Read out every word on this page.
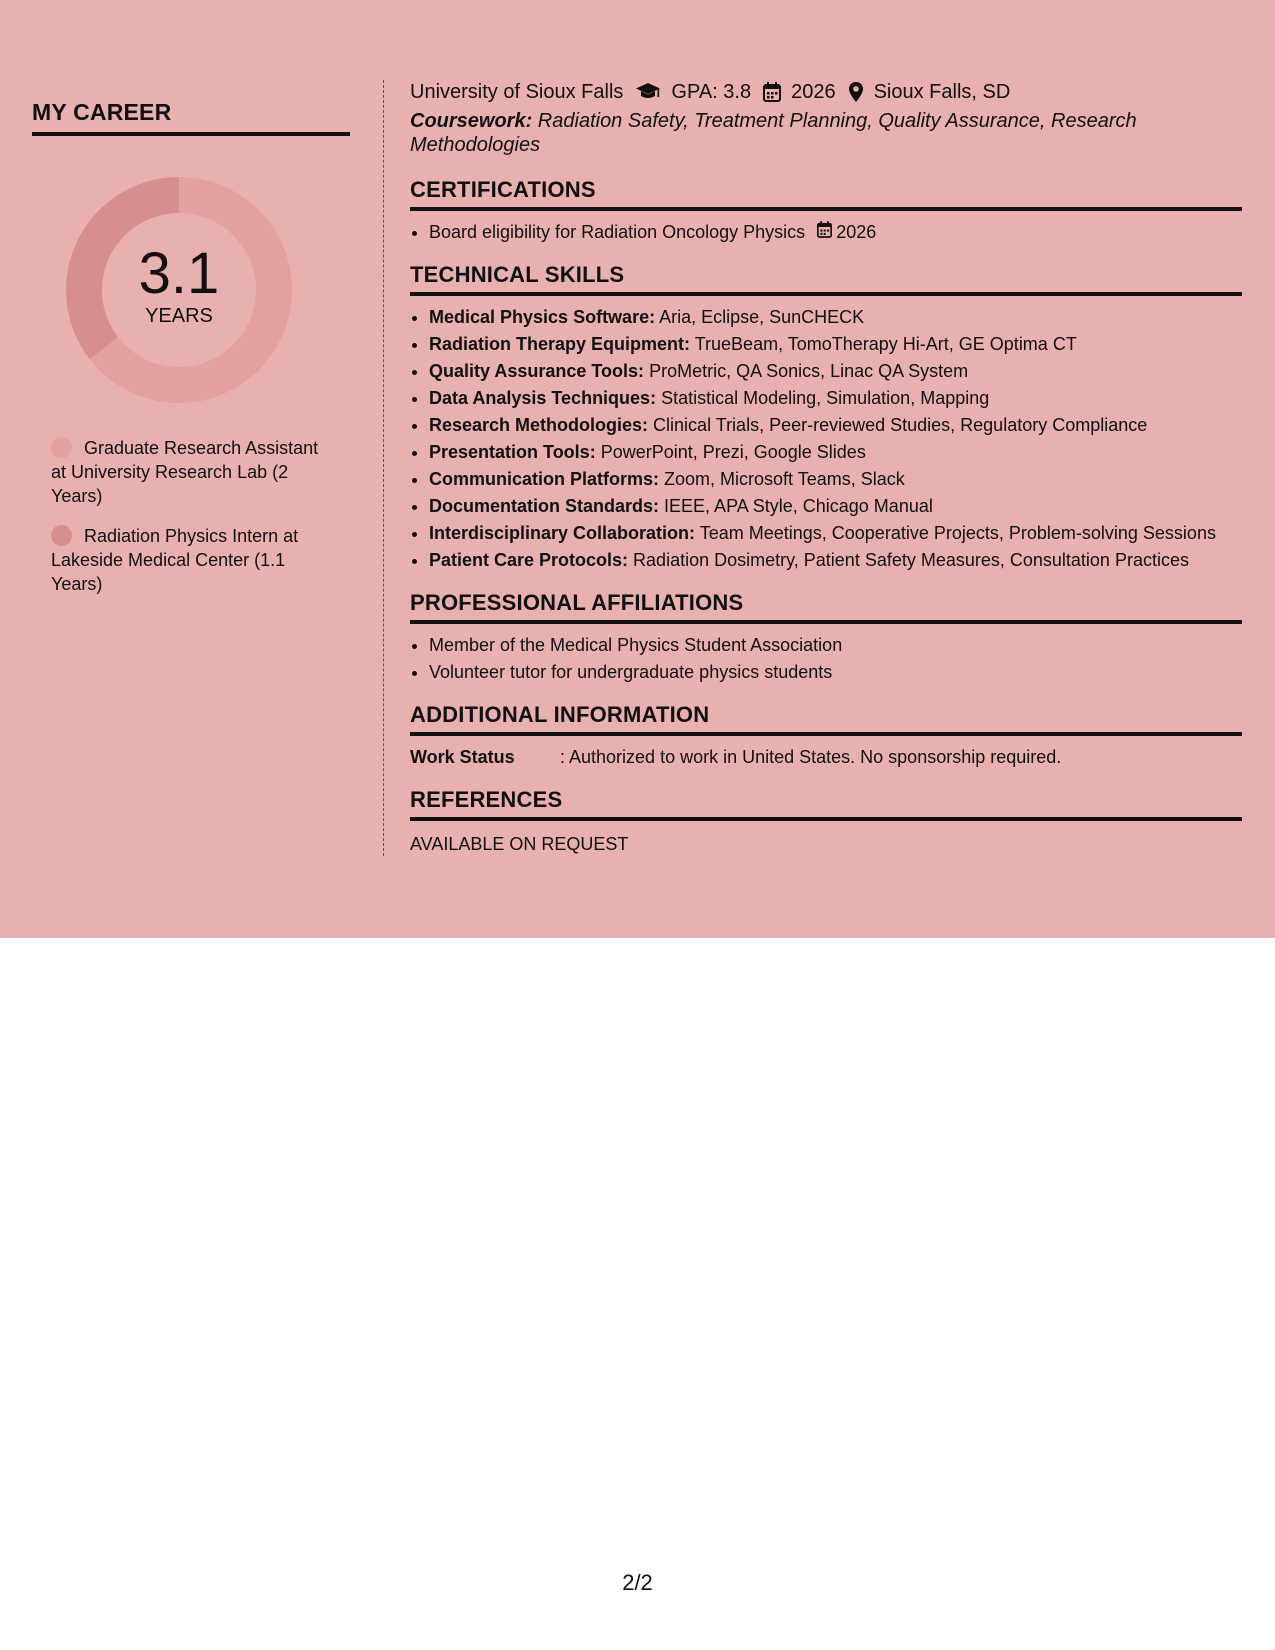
MY CAREER
3.1
YEARS
Graduate Research Assistant at University Research Lab (2 Years)
Radiation Physics Intern at Lakeside Medical Center (1.1 Years)
University of Sioux Falls GPA: 3.8 2026 Sioux Falls, SD
Coursework: Radiation Safety, Treatment Planning, Quality Assurance, Research Methodologies
CERTIFICATIONS
• Board eligibility for Radiation Oncology Physics 2026
TECHNICAL SKILLS
• Medical Physics Software: Aria, Eclipse, SunCHECK
• Radiation Therapy Equipment: TrueBeam, TomoTherapy Hi-Art, GE Optima CT
• Quality Assurance Tools: ProMetric, QA Sonics, Linac QA System
• Data Analysis Techniques: Statistical Modeling, Simulation, Mapping
• Research Methodologies: Clinical Trials, Peer-reviewed Studies, Regulatory Compliance
• Presentation Tools: PowerPoint, Prezi, Google Slides
• Communication Platforms: Zoom, Microsoft Teams, Slack
• Documentation Standards: IEEE, APA Style, Chicago Manual
• Interdisciplinary Collaboration: Team Meetings, Cooperative Projects, Problem-solving Sessions
• Patient Care Protocols: Radiation Dosimetry, Patient Safety Measures, Consultation Practices
PROFESSIONAL AFFILIATIONS
• Member of the Medical Physics Student Association
• Volunteer tutor for undergraduate physics students
ADDITIONAL INFORMATION
Work Status	: Authorized to work in United States. No sponsorship required.
REFERENCES
AVAILABLE ON REQUEST
2/2
